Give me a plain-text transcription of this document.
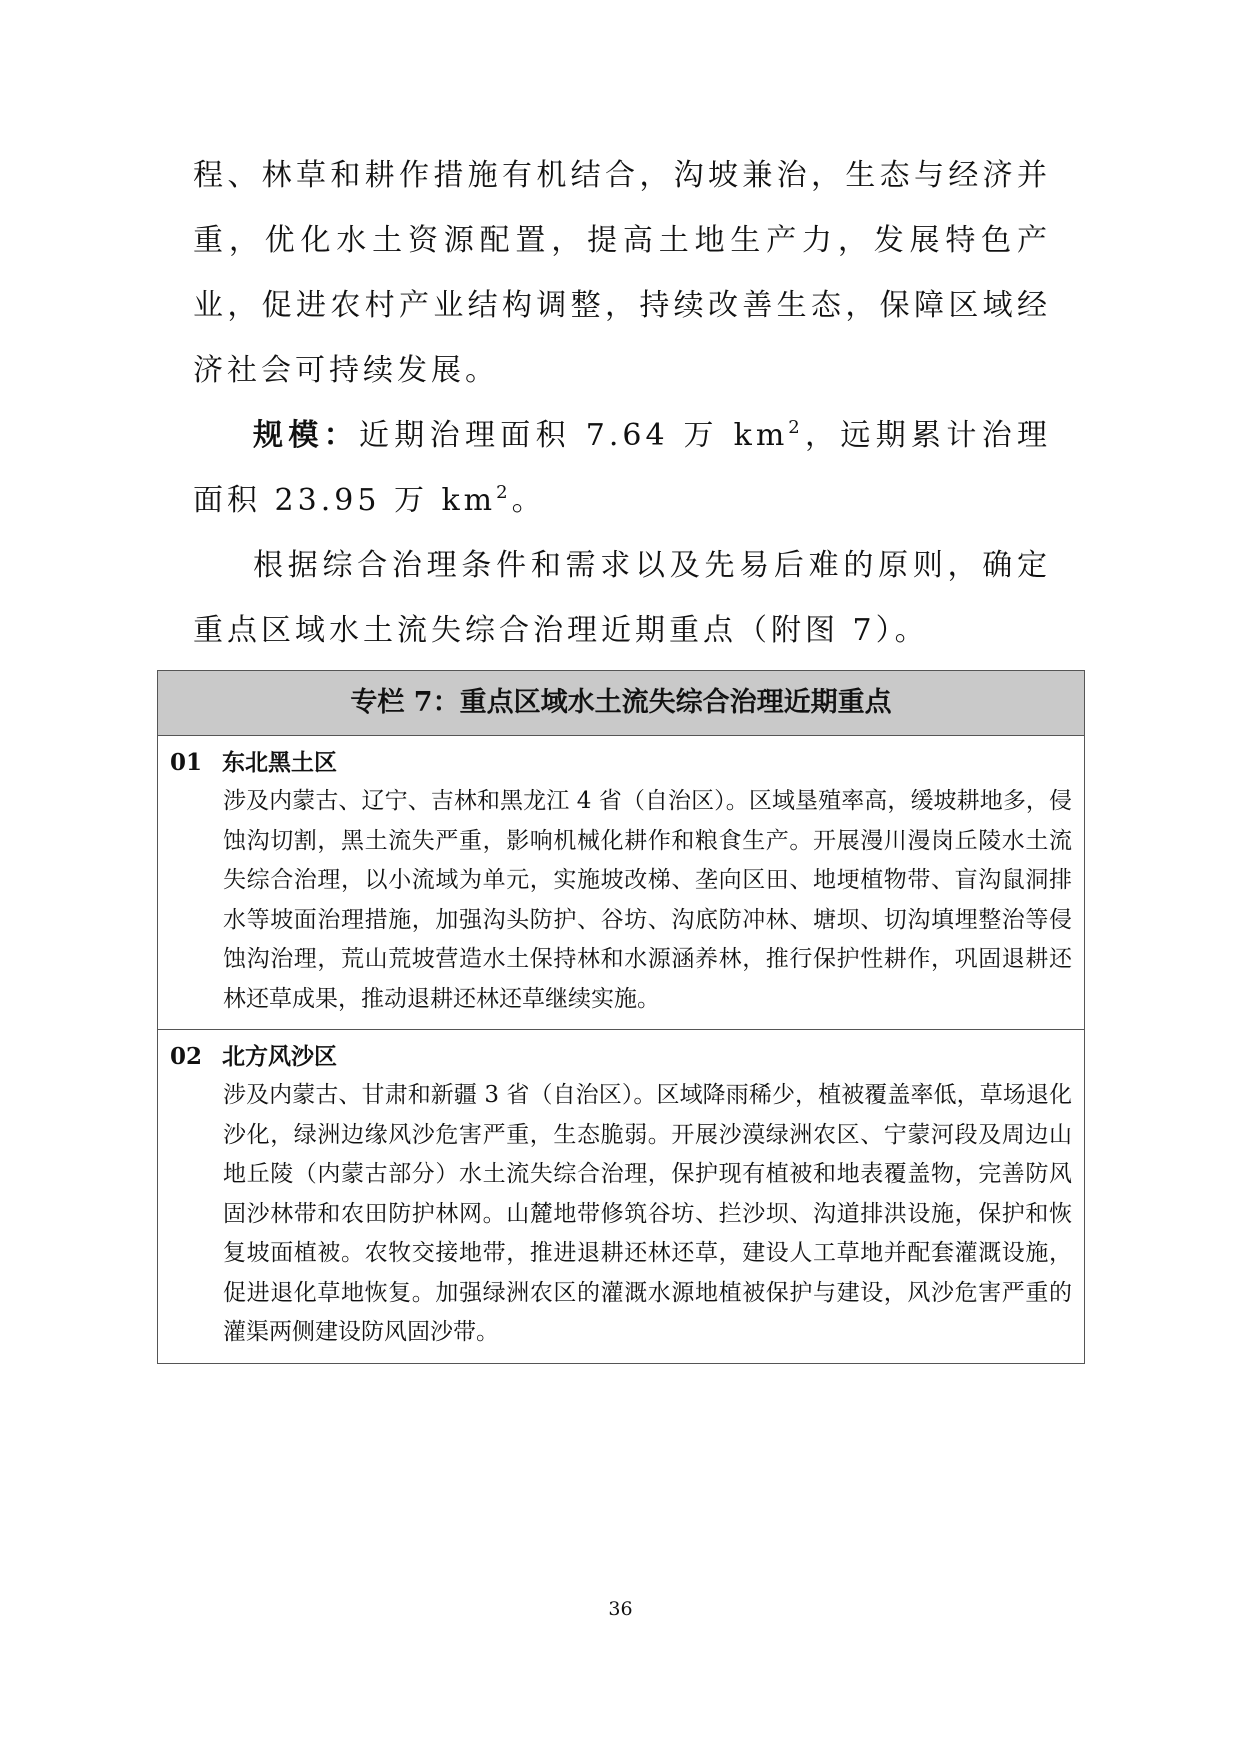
程、林草和耕作措施有机结合，沟坡兼治，生态与经济并重，优化水土资源配置，提高土地生产力，发展特色产业，促进农村产业结构调整，持续改善生态，保障区域经济社会可持续发展。

规模：近期治理面积 7.64 万 $km^2$，远期累计治理面积 23.95 万 $km^2$。

根据综合治理条件和需求以及先易后难的原则，确定重点区域水土流失综合治理近期重点（附图 7）。

专栏 7：重点区域水土流失综合治理近期重点
01 东北黑土区

涉及内蒙古、辽宁、吉林和黑龙江 4 省（自治区）。区域垦殖率高，缓坡耕地多，侵蚀沟切割，黑土流失严重，影响机械化耕作和粮食生产。开展漫川漫岗丘陵水土流失综合治理，以小流域为单元，实施坡改梯、垄向区田、地埂植物带、盲沟鼠洞排水等坡面治理措施，加强沟头防护、谷坊、沟底防冲林、塘坝、切沟填埋整治等侵蚀沟治理，荒山荒坡营造水土保持林和水源涵养林，推行保护性耕作，巩固退耕还林还草成果，推动退耕还林还草继续实施。

02 北方风沙区

涉及内蒙古、甘肃和新疆 3 省（自治区）。区域降雨稀少，植被覆盖率低，草场退化沙化，绿洲边缘风沙危害严重，生态脆弱。开展沙漠绿洲农区、宁蒙河段及周边山地丘陵（内蒙古部分）水土流失综合治理，保护现有植被和地表覆盖物，完善防风固沙林带和农田防护林网。山麓地带修筑谷坊、拦沙坝、沟道排洪设施，保护和恢复坡面植被。农牧交接地带，推进退耕还林还草，建设人工草地并配套灌溉设施，促进退化草地恢复。加强绿洲农区的灌溉水源地植被保护与建设，风沙危害严重的灌渠两侧建设防风固沙带。

36
